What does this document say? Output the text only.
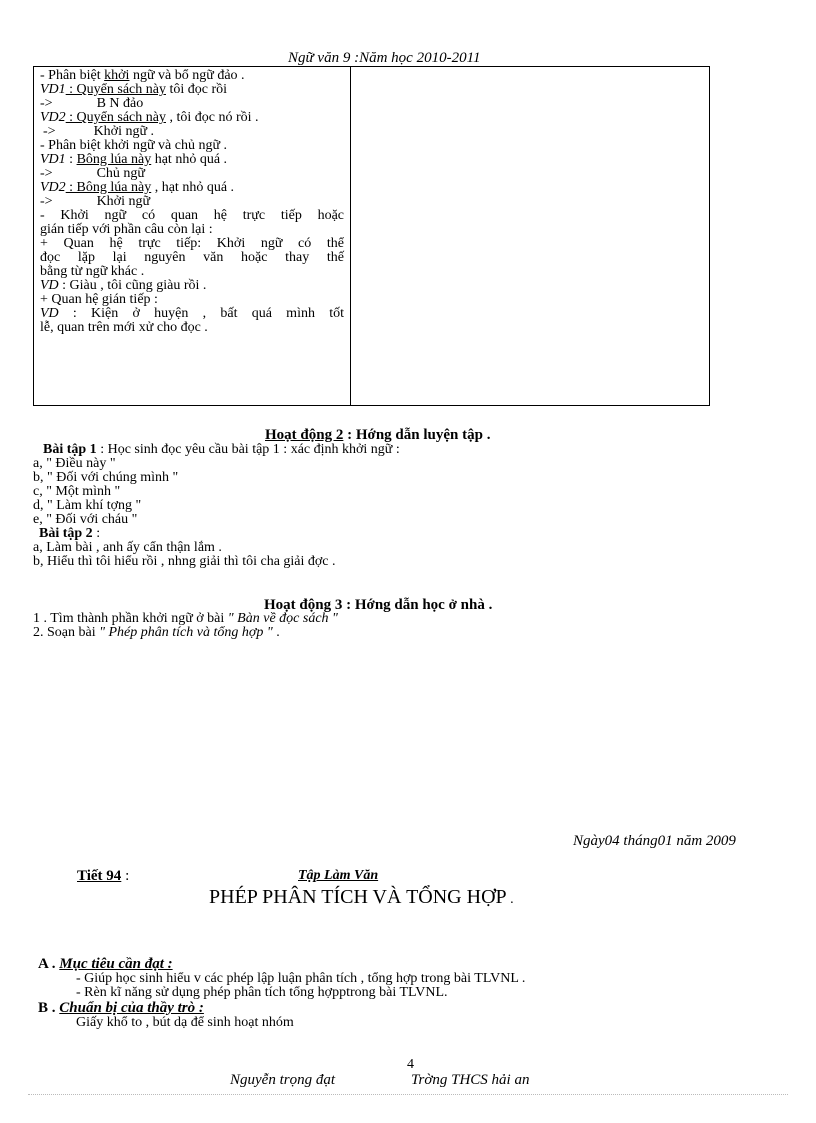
Ngữ văn 9 :Năm học 2010-2011
- Phân biệt khởi ngữ và bổ ngữ đảo .
VD1 : Quyển sách này tôi đọc rồi
->	B N đảo
VD2 : Quyển sách này , tôi đọc nó rồi .
->	Khởi ngữ .
- Phân biệt khởi ngữ và chủ ngữ .
VD1 : Bông lúa này hạt nhỏ quá .
->	Chủ ngữ
VD2 : Bông lúa này , hạt nhỏ quá .
->	Khởi ngữ
- Khởi ngữ có quan hệ trực tiếp hoặc
gián tiếp với phần câu còn lại :
+ Quan hệ trực tiếp: Khởi ngữ có thể
đọc lặp lại nguyên văn hoặc thay thế
bằng từ ngữ khác .
VD : Giàu , tôi cũng giàu rồi .
+ Quan hệ gián tiếp :
VD : Kiện ở huyện , bất quá mình tốt
lễ, quan trên mới xử cho đọc .
Hoạt động 2 : Hớng dẫn luyện tập .
Bài tập 1 : Học sinh đọc yêu cầu bài tập 1 : xác định khởi ngữ :
a, " Điều này "
b, " Đối với chúng mình "
c, " Một mình "
d, " Làm khí tợng "
e, " Đối với cháu "
Bài tập 2 :
a, Làm bài , anh ấy cẩn thận lắm .
b, Hiểu thì tôi hiểu rồi , nhng giải thì tôi cha giải đợc .
Hoạt động 3 : Hớng dẫn học ở nhà .
1 . Tìm thành phần khởi ngữ ở bài " Bàn về đọc sách "
2. Soạn bài " Phép phân tích và tổng hợp " .
Ngày04 tháng01 năm 2009
Tiết 94 :	Tập Làm Văn
PHÉP PHÂN TÍCH VÀ TỔNG HỢP .
A . Mục tiêu cần đạt :
- Giúp học sinh hiểu v các phép lập luận phân tích , tổng hợp trong bài TLVNL .
- Rèn kĩ năng sử dụng phép phân tích tổng hợpptrong bài TLVNL.
B . Chuẩn bị của thầy trò :
Giấy khổ to , bút dạ để sinh hoạt nhóm
4
Nguyễn trọng đạt	Trờng THCS hải an
